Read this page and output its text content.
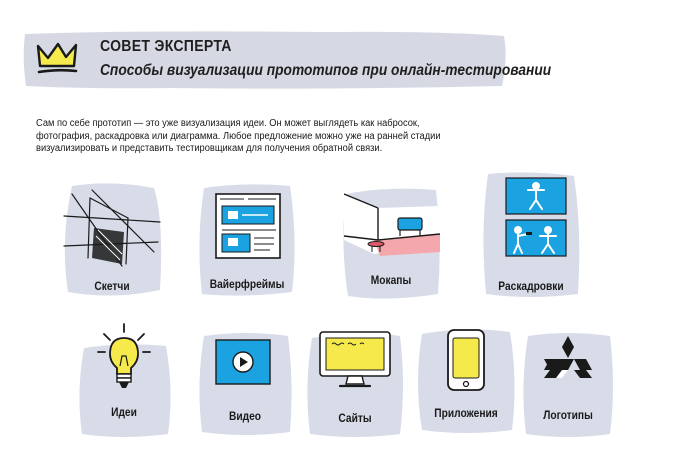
СОВЕТ ЭКСПЕРТА
Способы визуализации прототипов при онлайн-тестировании
Сам по себе прототип — это уже визуализация идеи. Он может выглядеть как набросок,
фотография, раскадровка или диаграмма. Любое предложение можно уже на ранней стадии
визуализировать и представить тестировщикам для получения обратной связи.
Скетчи	Вайерфреймы	Мокапы	Раскадровки
Идеи	Видео	Сайты	Приложения	Логотипы
